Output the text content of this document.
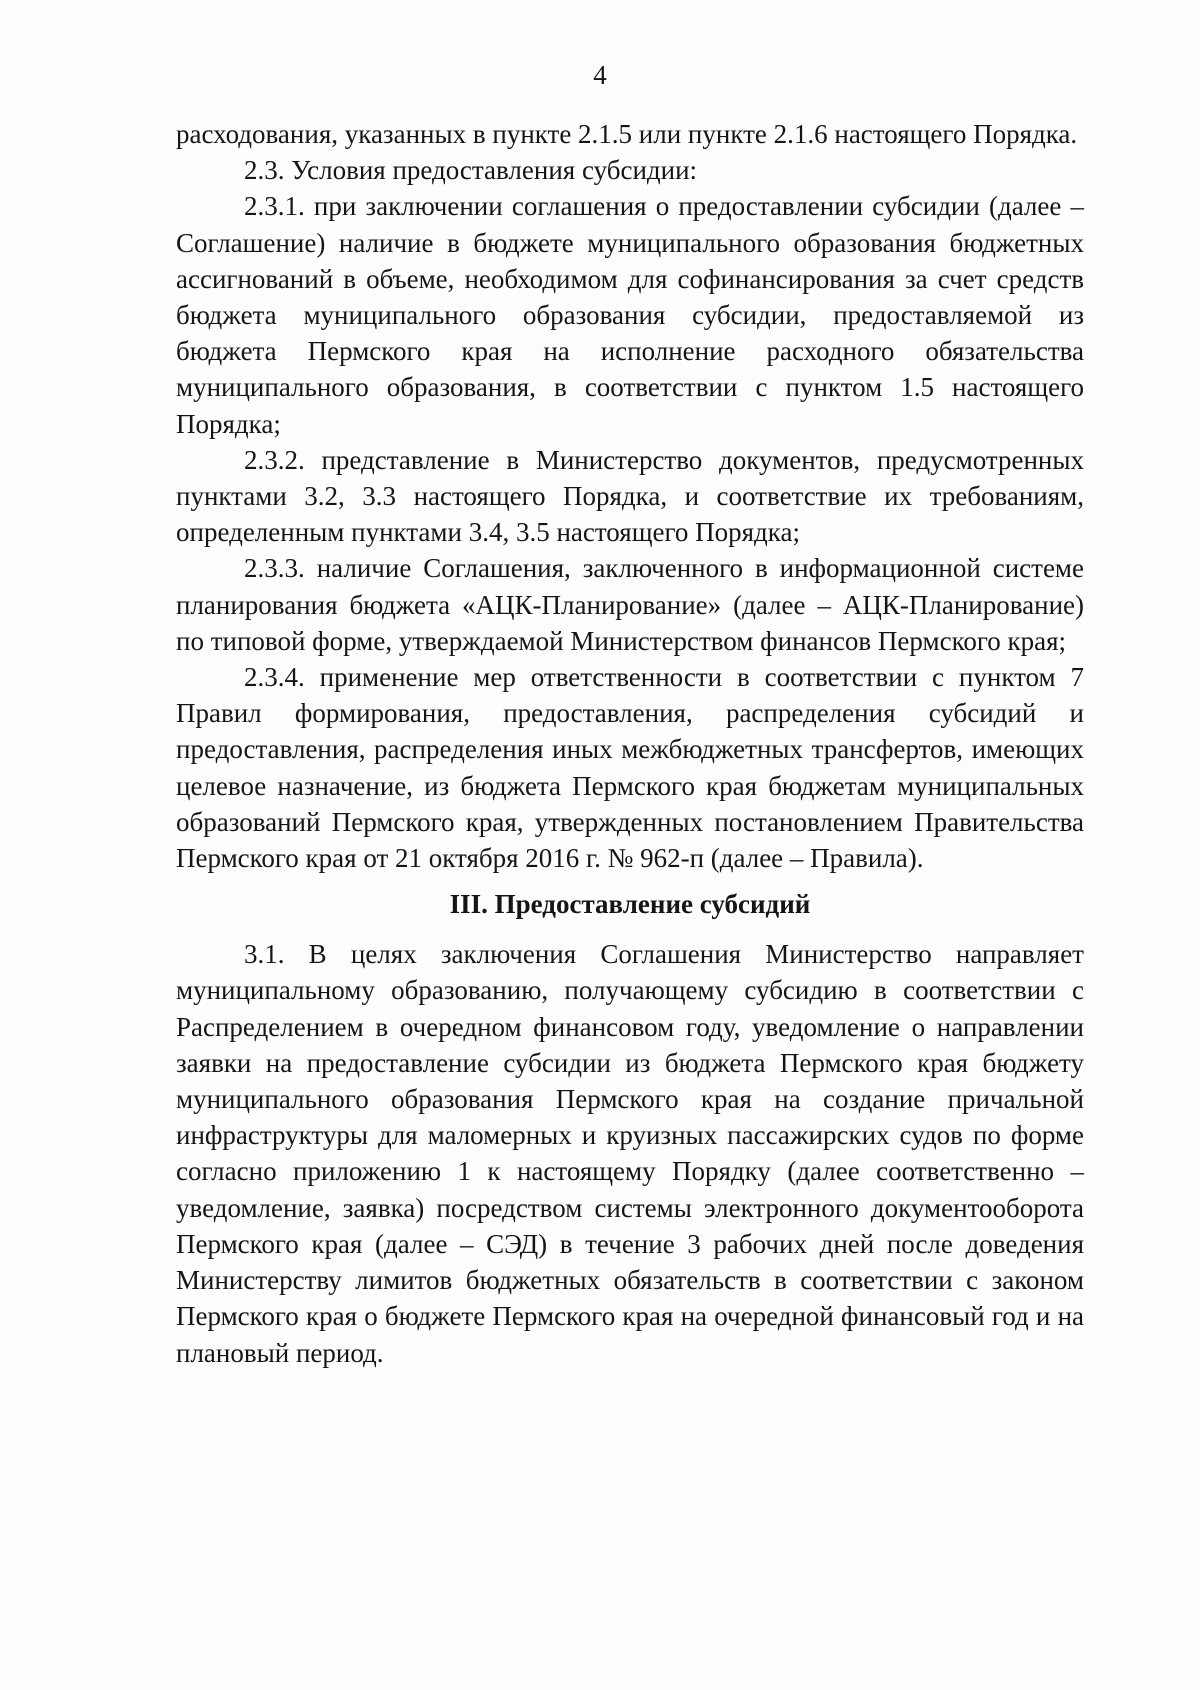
4

расходования, указанных в пункте 2.1.5 или пункте 2.1.6 настоящего Порядка.

2.3. Условия предоставления субсидии:

2.3.1. при заключении соглашения о предоставлении субсидии (далее – Соглашение) наличие в бюджете муниципального образования бюджетных ассигнований в объеме, необходимом для софинансирования за счет средств бюджета муниципального образования субсидии, предоставляемой из бюджета Пермского края на исполнение расходного обязательства муниципального образования, в соответствии с пунктом 1.5 настоящего Порядка;

2.3.2. представление в Министерство документов, предусмотренных пунктами 3.2, 3.3 настоящего Порядка, и соответствие их требованиям, определенным пунктами 3.4, 3.5 настоящего Порядка;

2.3.3. наличие Соглашения, заключенного в информационной системе планирования бюджета «АЦК-Планирование» (далее – АЦК-Планирование) по типовой форме, утверждаемой Министерством финансов Пермского края;

2.3.4. применение мер ответственности в соответствии с пунктом 7 Правил формирования, предоставления, распределения субсидий и предоставления, распределения иных межбюджетных трансфертов, имеющих целевое назначение, из бюджета Пермского края бюджетам муниципальных образований Пермского края, утвержденных постановлением Правительства Пермского края от 21 октября 2016 г. № 962-п (далее – Правила).

III. Предоставление субсидий

3.1. В целях заключения Соглашения Министерство направляет муниципальному образованию, получающему субсидию в соответствии с Распределением в очередном финансовом году, уведомление о направлении заявки на предоставление субсидии из бюджета Пермского края бюджету муниципального образования Пермского края на создание причальной инфраструктуры для маломерных и круизных пассажирских судов по форме согласно приложению 1 к настоящему Порядку (далее соответственно – уведомление, заявка) посредством системы электронного документооборота Пермского края (далее – СЭД) в течение 3 рабочих дней после доведения Министерству лимитов бюджетных обязательств в соответствии с законом Пермского края о бюджете Пермского края на очередной финансовый год и на плановый период.
